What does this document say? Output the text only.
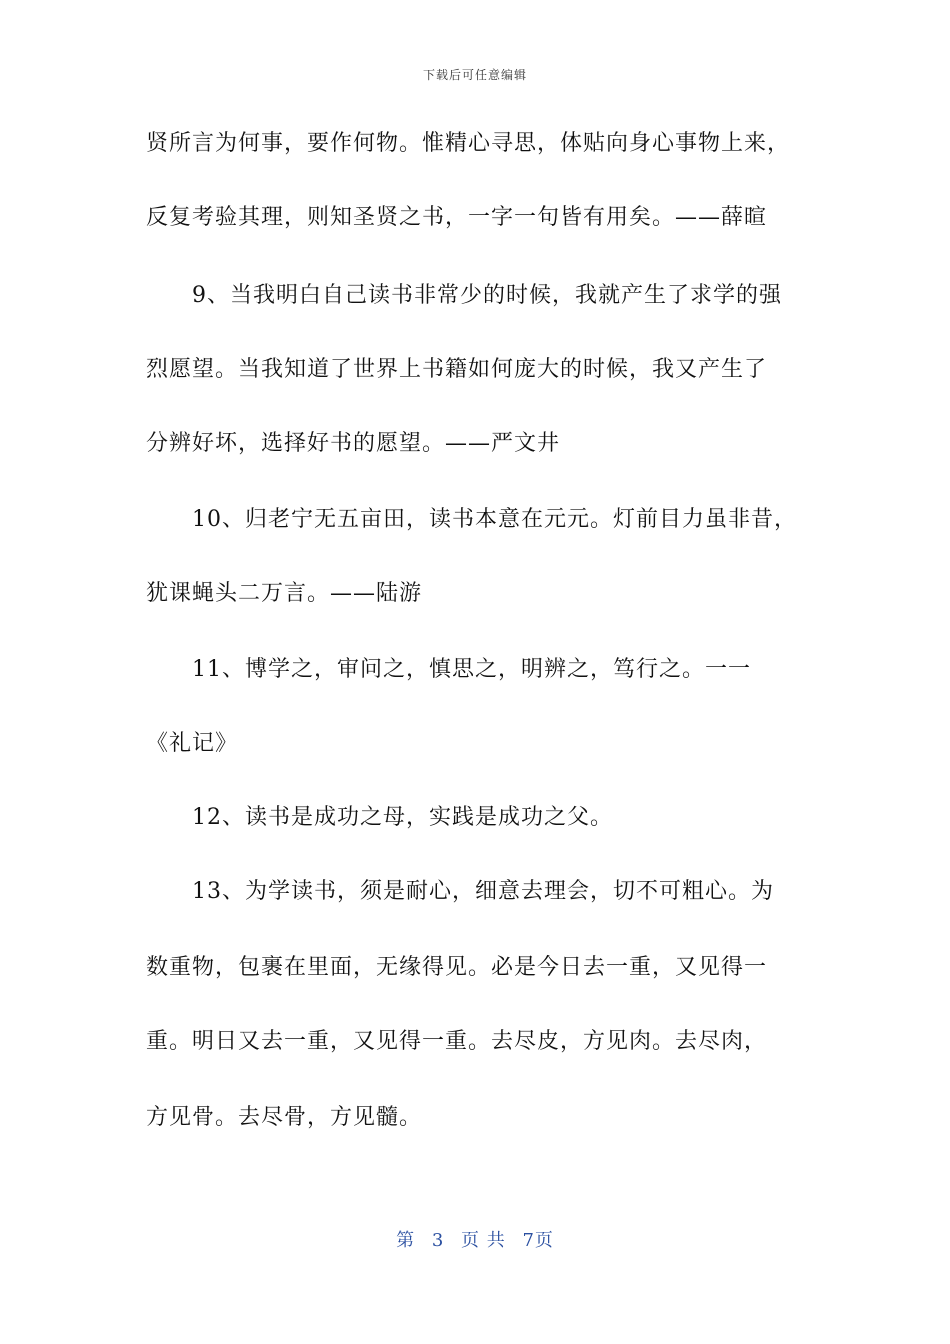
下载后可任意编辑
贤所言为何事，要作何物。惟精心寻思，体贴向身心事物上来，
反复考验其理，则知圣贤之书，一字一句皆有用矣。——薛暄
9、当我明白自己读书非常少的时候，我就产生了求学的强
烈愿望。当我知道了世界上书籍如何庞大的时候，我又产生了
分辨好坏，选择好书的愿望。——严文井
10、归老宁无五亩田，读书本意在元元。灯前目力虽非昔，
犹课蝇头二万言。——陆游
11、博学之，审问之，慎思之，明辨之，笃行之。一一
《礼记》
12、读书是成功之母，实践是成功之父。
13、为学读书，须是耐心，细意去理会，切不可粗心。为
数重物，包裹在里面，无缘得见。必是今日去一重，又见得一
重。明日又去一重，又见得一重。去尽皮，方见肉。去尽肉，
方见骨。去尽骨，方见髓。
第 3 页 共 7页
